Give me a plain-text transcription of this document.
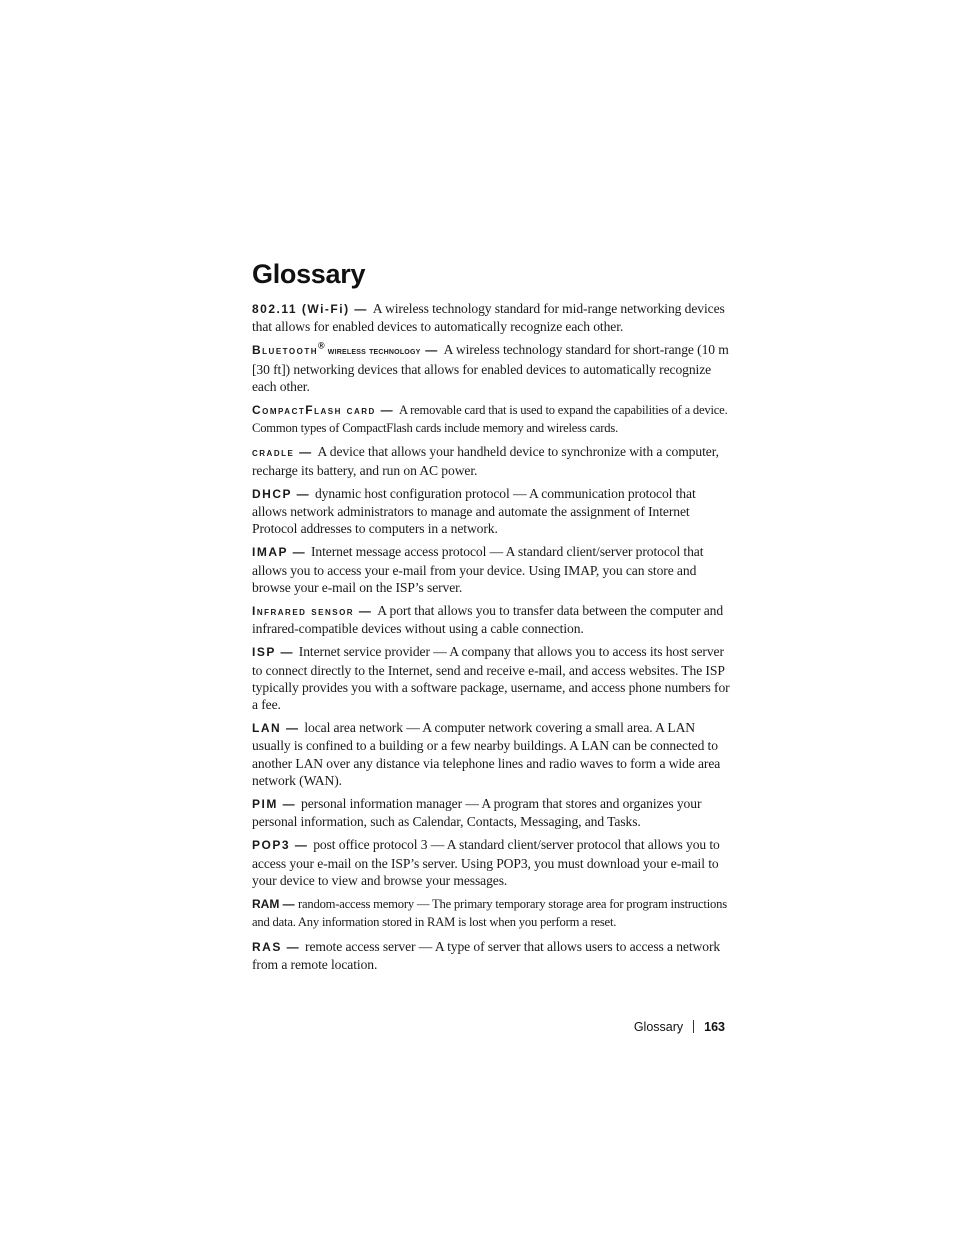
Glossary

802.11 (Wi-Fi) — A wireless technology standard for mid-range networking devices that allows for enabled devices to automatically recognize each other.

Bluetooth® wireless technology — A wireless technology standard for short-range (10 m [30 ft]) networking devices that allows for enabled devices to automatically recognize each other.

CompactFlash card — A removable card that is used to expand the capabilities of a device. Common types of CompactFlash cards include memory and wireless cards.

cradle — A device that allows your handheld device to synchronize with a computer, recharge its battery, and run on AC power.

DHCP — dynamic host configuration protocol — A communication protocol that allows network administrators to manage and automate the assignment of Internet Protocol addresses to computers in a network.

IMAP — Internet message access protocol — A standard client/server protocol that allows you to access your e-mail from your device. Using IMAP, you can store and browse your e-mail on the ISP’s server.

Infrared sensor — A port that allows you to transfer data between the computer and infrared-compatible devices without using a cable connection.

ISP — Internet service provider — A company that allows you to access its host server to connect directly to the Internet, send and receive e-mail, and access websites. The ISP typically provides you with a software package, username, and access phone numbers for a fee.

LAN — local area network — A computer network covering a small area. A LAN usually is confined to a building or a few nearby buildings. A LAN can be connected to another LAN over any distance via telephone lines and radio waves to form a wide area network (WAN).

PIM — personal information manager — A program that stores and organizes your personal information, such as Calendar, Contacts, Messaging, and Tasks.

POP3 — post office protocol 3 — A standard client/server protocol that allows you to access your e-mail on the ISP’s server. Using POP3, you must download your e-mail to your device to view and browse your messages.

RAM — random-access memory — The primary temporary storage area for program instructions and data. Any information stored in RAM is lost when you perform a reset.

RAS — remote access server — A type of server that allows users to access a network from a remote location.

Glossary 163
